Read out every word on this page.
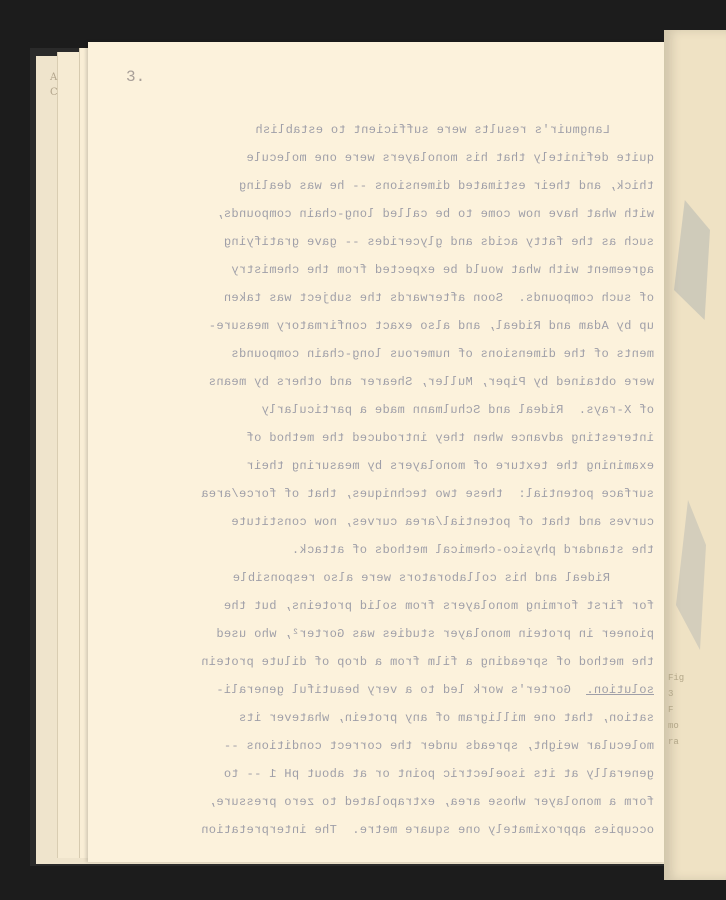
A
C
Fig
3
F
mo
ra
3.
Langmuir's results were sufficient to establish
quite definitely that his monolayers were one molecule
thick, and their estimated dimensions -- he was dealing
with what have now come to be called long-chain compounds,
such as the fatty acids and glycerides -- gave gratifying
agreement with what would be expected from the chemistry
of such compounds.  Soon afterwards the subject was taken
up by Adam and Rideal, and also exact confirmatory measure-
ments of the dimensions of numerous long-chain compounds
were obtained by Piper, Muller, Shearer and others by means
of X-rays.  Rideal and Schulmann made a particularly
interesting advance when they introduced the method of
examining the texture of monolayers by measuring their
surface potential:  these two techniques, that of force/area
curves and that of potential/area curves, now constitute
the standard physico-chemical methods of attack.
Rideal and his collaborators were also responsible
for first forming monolayers from solid proteins, but the
pioneer in protein monolayer studies was Gorter², who used
the method of spreading a film from a drop of dilute protein
solution.  Gorter's work led to a very beautiful generali-
sation, that one milligram of any protein, whatever its
molecular weight, spreads under the correct conditions --
generally at its isoelectric point or at about pH 1 -- to
form a monolayer whose area, extrapolated to zero pressure,
occupies approximately one square metre.  The interpretation
